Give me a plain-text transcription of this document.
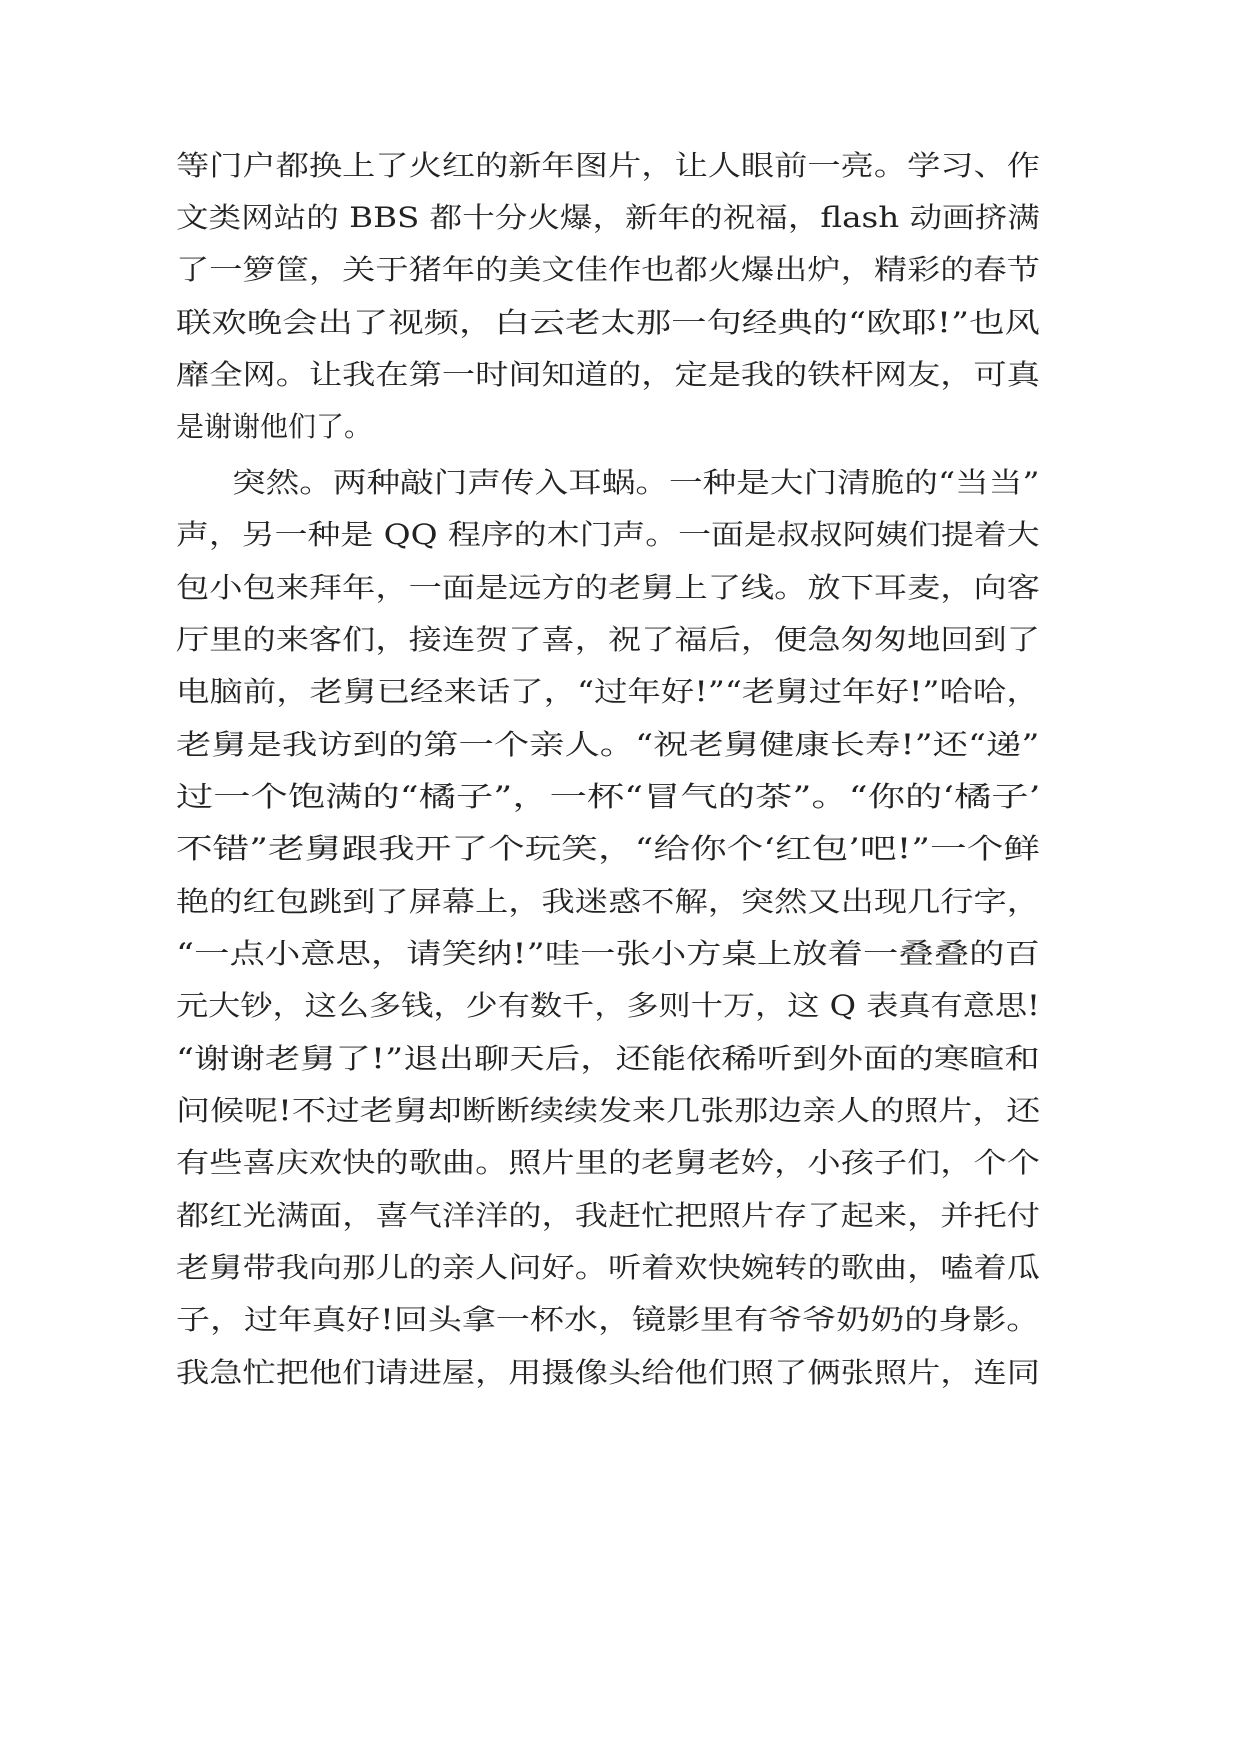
等门户都换上了火红的新年图片，让人眼前一亮。学习、作

文类网站的 BBS 都十分火爆，新年的祝福，flash 动画挤满

了一箩筐，关于猪年的美文佳作也都火爆出炉，精彩的春节

联欢晚会出了视频，白云老太那一句经典的“欧耶!”也风

靡全网。让我在第一时间知道的，定是我的铁杆网友，可真

是谢谢他们了。

突然。两种敲门声传入耳蜗。一种是大门清脆的“当当”

声，另一种是 QQ 程序的木门声。一面是叔叔阿姨们提着大

包小包来拜年，一面是远方的老舅上了线。放下耳麦，向客

厅里的来客们，接连贺了喜，祝了福后，便急匆匆地回到了

电脑前，老舅已经来话了，“过年好!”“老舅过年好!”哈哈，

老舅是我访到的第一个亲人。“祝老舅健康长寿!”还“递”

过一个饱满的“橘子”，一杯“冒气的茶”。“你的‘橘子’

不错”老舅跟我开了个玩笑，“给你个‘红包’吧!”一个鲜

艳的红包跳到了屏幕上，我迷惑不解，突然又出现几行字，

“一点小意思，请笑纳!”哇一张小方桌上放着一叠叠的百

元大钞，这么多钱，少有数千，多则十万，这 Q 表真有意思!

“谢谢老舅了!”退出聊天后，还能依稀听到外面的寒暄和

问候呢!不过老舅却断断续续发来几张那边亲人的照片，还

有些喜庆欢快的歌曲。照片里的老舅老妗，小孩子们，个个

都红光满面，喜气洋洋的，我赶忙把照片存了起来，并托付

老舅带我向那儿的亲人问好。听着欢快婉转的歌曲，嗑着瓜

子，过年真好!回头拿一杯水，镜影里有爷爷奶奶的身影。

我急忙把他们请进屋，用摄像头给他们照了俩张照片，连同
